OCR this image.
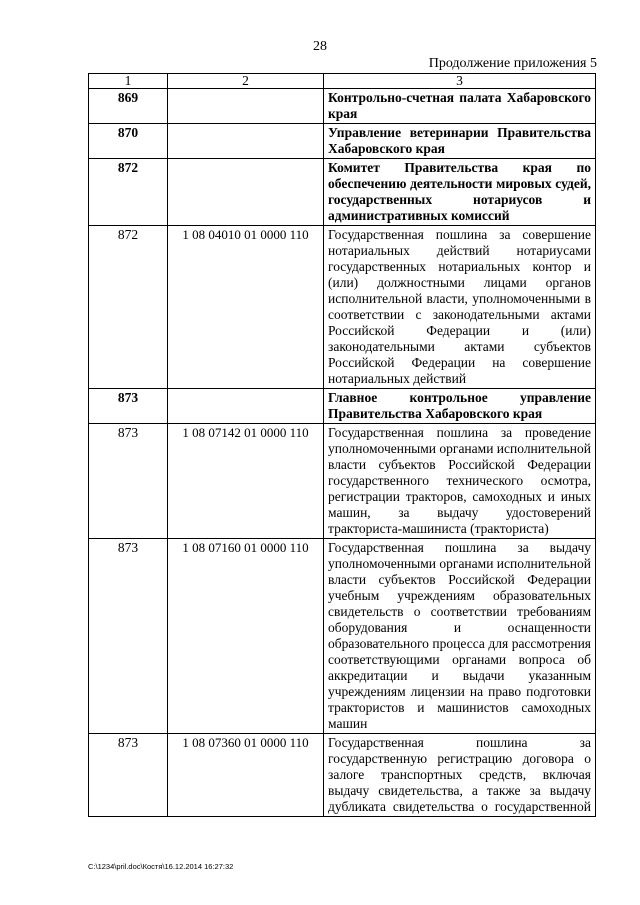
28
Продолжение приложения 5
1	2	3
869		Контрольно-счетная палата Хабаровского края
870		Управление ветеринарии Правительства Хабаровского края
872		Комитет Правительства края по обеспечению деятельности мировых судей, государственных нотариусов и административных комиссий
872	1 08 04010 01 0000 110	Государственная пошлина за совершение нотариальных действий нотариусами государственных нотариальных контор и (или) должностными лицами органов исполнительной власти, уполномоченными в соответствии с законодательными актами Российской Федерации и (или) законодательными актами субъектов Российской Федерации на совершение нотариальных действий
873		Главное контрольное управление Правительства Хабаровского края
873	1 08 07142 01 0000 110	Государственная пошлина за проведение уполномоченными органами исполнительной власти субъектов Российской Федерации государственного технического осмотра, регистрации тракторов, самоходных и иных машин, за выдачу удостоверений тракториста-машиниста (тракториста)
873	1 08 07160 01 0000 110	Государственная пошлина за выдачу уполномоченными органами исполнительной власти субъектов Российской Федерации учебным учреждениям образовательных свидетельств о соответствии требованиям оборудования и оснащенности образовательного процесса для рассмотрения соответствующими органами вопроса об аккредитации и выдачи указанным учреждениям лицензии на право подготовки трактористов и машинистов самоходных машин
873	1 08 07360 01 0000 110	Государственная пошлина за государственную регистрацию договора о залоге транспортных средств, включая выдачу свидетельства, а также за выдачу дубликата свидетельства о государственной
C:\1234\pril.doc\Костя\16.12.2014 16:27:32
